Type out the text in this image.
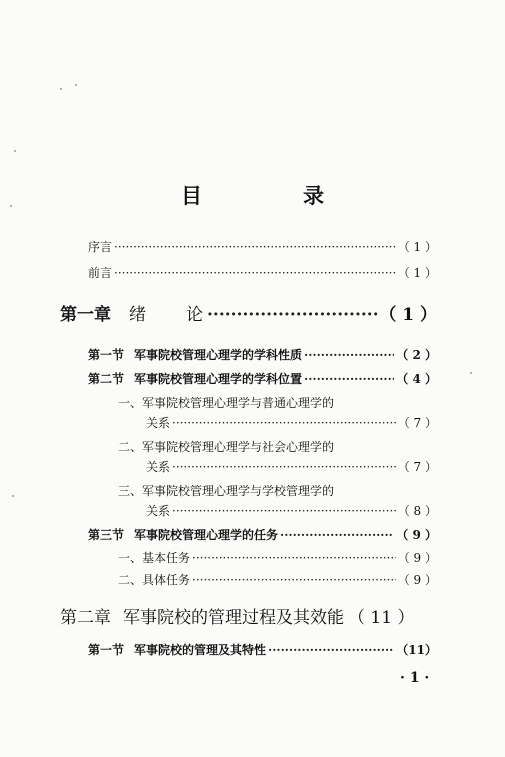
目　录
序言 ·····	（ 1 ）
前言 ·····	（ 1 ）
第一章 绪　　论 ·····	（ 1 ）
第一节 军事院校管理心理学的学科性质 ·····	（ 2 ）
第二节 军事院校管理心理学的学科位置 ·····	（ 4 ）
一、 军事院校管理心理学与普通心理学的
关系 ·····	（ 7 ）
二、 军事院校管理心理学与社会心理学的
关系 ·····	（ 7 ）
三、 军事院校管理心理学与学校管理学的
关系 ·····	（ 8 ）
第三节 军事院校管理心理学的任务 ·····	（ 9 ）
一、 基本任务 ·····	（ 9 ）
二、 具体任务 ·····	（ 9 ）
第二章 军事院校的管理过程及其效能 （ 11 ）
第一节 军事院校的管理及其特性 ·····	（11）
· 1 ·
